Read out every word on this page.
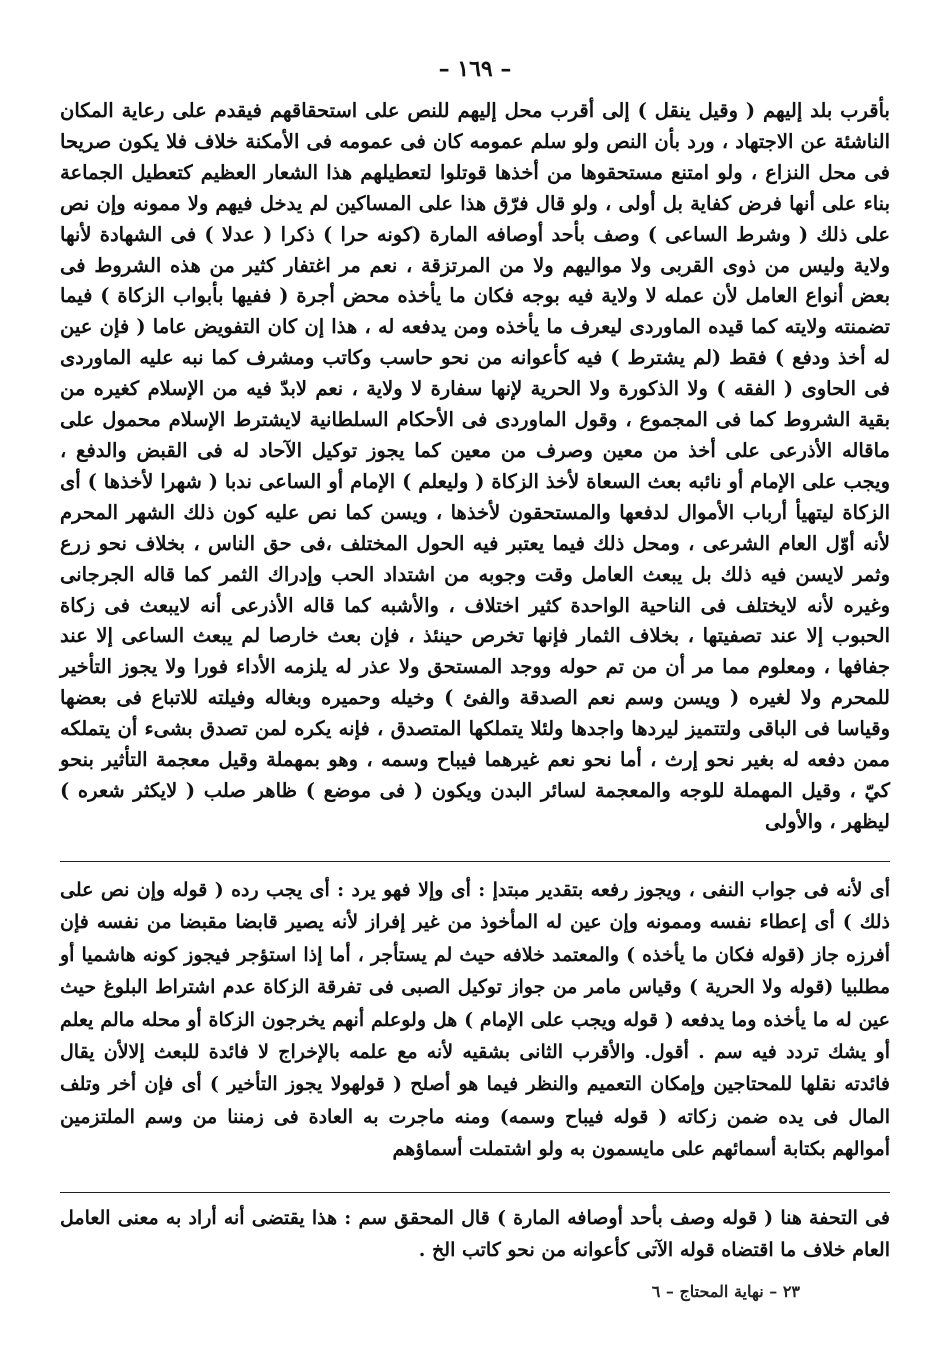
– ١٦٩ –

بأقرب بلد إليهم ( وقيل ينقل ) إلى أقرب محل إليهم للنص على استحقاقهم فيقدم على رعاية المكان الناشئة عن الاجتهاد ، ورد بأن النص ولو سلم عمومه كان فى عمومه فى الأمكنة خلاف فلا يكون صريحا فى محل النزاع ، ولو امتنع مستحقوها من أخذها قوتلوا لتعطيلهم هذا الشعار العظيم كتعطيل الجماعة بناء على أنها فرض كفاية بل أولى ، ولو قال فرّق هذا على المساكين لم يدخل فيهم ولا ممونه وإن نص على ذلك ( وشرط الساعى ) وصف بأحد أوصافه المارة (كونه حرا ) ذكرا ( عدلا ) فى الشهادة لأنها ولاية وليس من ذوى القربى ولا مواليهم ولا من المرتزقة ، نعم مر اغتفار كثير من هذه الشروط فى بعض أنواع العامل لأن عمله لا ولاية فيه بوجه فكان ما يأخذه محض أجرة ( ففيها بأبواب الزكاة ) فيما تضمنته ولايته كما قيده الماوردى ليعرف ما يأخذه ومن يدفعه له ، هذا إن كان التفويض عاما ( فإن عين له أخذ ودفع ) فقط (لم يشترط ) فيه كأعوانه من نحو حاسب وكاتب ومشرف كما نبه عليه الماوردى فى الحاوى ( الفقه ) ولا الذكورة ولا الحرية لإنها سفارة لا ولاية ، نعم لابدّ فيه من الإسلام كغيره من بقية الشروط كما فى المجموع ، وقول الماوردى فى الأحكام السلطانية لايشترط الإسلام محمول على ماقاله الأذرعى على أخذ من معين وصرف من معين كما يجوز توكيل الآحاد له فى القبض والدفع ، ويجب على الإمام أو نائبه بعث السعاة لأخذ الزكاة ( وليعلم ) الإمام أو الساعى ندبا ( شهرا لأخذها ) أى الزكاة ليتهيأ أرباب الأموال لدفعها والمستحقون لأخذها ، ويسن كما نص عليه كون ذلك الشهر المحرم لأنه أوّل العام الشرعى ، ومحل ذلك فيما يعتبر فيه الحول المختلف ،فى حق الناس ، بخلاف نحو زرع وثمر لايسن فيه ذلك بل يبعث العامل وقت وجوبه من اشتداد الحب وإدراك الثمر كما قاله الجرجانى وغيره لأنه لايختلف فى الناحية الواحدة كثير اختلاف ، والأشبه كما قاله الأذرعى أنه لايبعث فى زكاة الحبوب إلا عند تصفيتها ، بخلاف الثمار فإنها تخرص حينئذ ، فإن بعث خارصا لم يبعث الساعى إلا عند جفافها ، ومعلوم مما مر أن من تم حوله ووجد المستحق ولا عذر له يلزمه الأداء فورا ولا يجوز التأخير للمحرم ولا لغيره ( ويسن وسم نعم الصدقة والفئ ) وخيله وحميره وبغاله وفيلته للاتباع فى بعضها وقياسا فى الباقى ولتتميز ليردها واجدها ولئلا يتملكها المتصدق ، فإنه يكره لمن تصدق بشىء أن يتملكه ممن دفعه له بغير نحو إرث ، أما نحو نعم غيرهما فيباح وسمه ، وهو بمهملة وقيل معجمة التأثير بنحو كيّ ، وقيل المهملة للوجه والمعجمة لسائر البدن ويكون ( فى موضع ) ظاهر صلب ( لايكثر شعره ) ليظهر ، والأولى

أى لأنه فى جواب النفى ، ويجوز رفعه بتقدير مبتدإ : أى وإلا فهو يرد : أى يجب رده ( قوله وإن نص على ذلك ) أى إعطاء نفسه وممونه وإن عين له المأخوذ من غير إفراز لأنه يصير قابضا مقبضا من نفسه فإن أفرزه جاز (قوله فكان ما يأخذه ) والمعتمد خلافه حيث لم يستأجر ، أما إذا استؤجر فيجوز كونه هاشميا أو مطلبيا (قوله ولا الحرية ) وقياس مامر من جواز توكيل الصبى فى تفرقة الزكاة عدم اشتراط البلوغ حيث عين له ما يأخذه وما يدفعه ( قوله ويجب على الإمام ) هل ولوعلم أنهم يخرجون الزكاة أو محله مالم يعلم أو يشك تردد فيه سم . أقول. والأقرب الثانى بشقيه لأنه مع علمه بالإخراج لا فائدة للبعث إلالأن يقال فائدته نقلها للمحتاجين وإمكان التعميم والنظر فيما هو أصلح ( قولهولا يجوز التأخير ) أى فإن أخر وتلف المال فى يده ضمن زكاته ( قوله فيباح وسمه) ومنه ماجرت به العادة فى زمننا من وسم الملتزمين أموالهم بكتابة أسمائهم على مايسمون به ولو اشتملت أسماؤهم

فى التحفة هنا ( قوله وصف بأحد أوصافه المارة ) قال المحقق سم : هذا يقتضى أنه أراد به معنى العامل العام خلاف ما اقتضاه قوله الآتى كأعوانه من نحو كاتب الخ .

٢٣ – نهاية المحتاج – ٦
